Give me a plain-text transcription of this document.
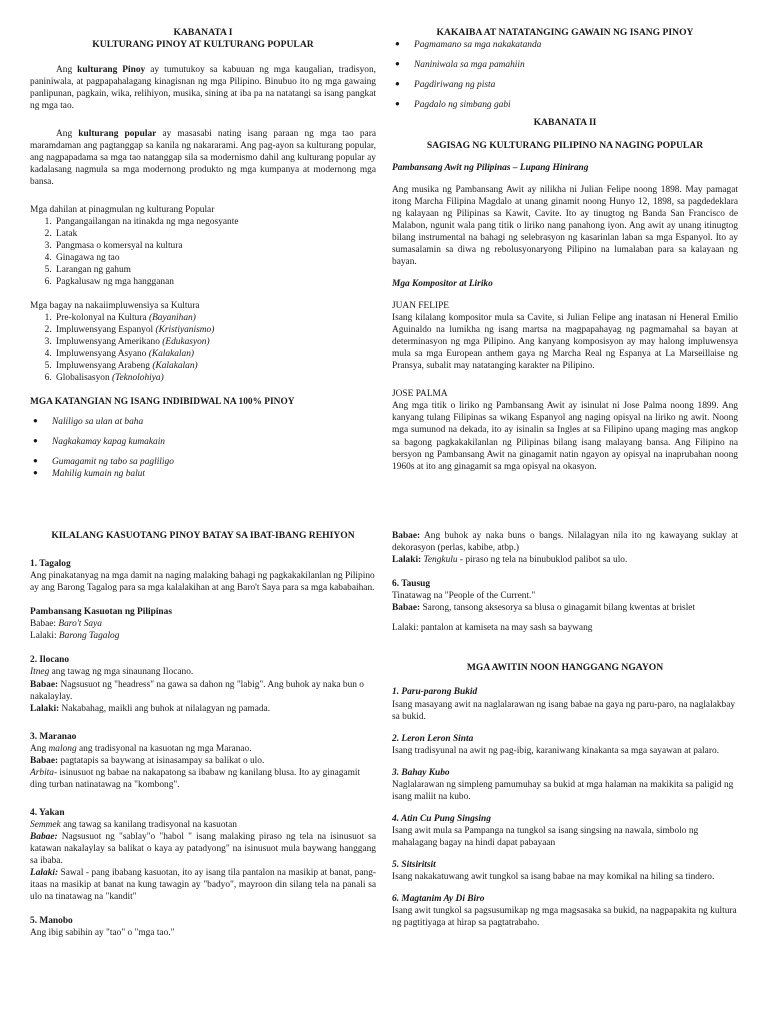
KABANATA I

KULTURANG PINOY AT KULTURANG POPULAR

Ang kulturang Pinoy ay tumutukoy sa kabuuan ng mga kaugalian, tradisyon, paniniwala, at pagpapahalagang kinagisnan ng mga Pilipino. Binubuo ito ng mga gawaing panlipunan, pagkain, wika, relihiyon, musika, sining at iba pa na natatangi sa isang pangkat ng mga tao.

Ang kulturang popular ay masasabi nating isang paraan ng mga tao para maramdaman ang pagtanggap sa kanila ng nakararami. Ang pag-ayon sa kulturang popular, ang nagpapadama sa mga tao natanggap sila sa modernismo dahil ang kulturang popular ay kadalasang nagmula sa mga modernong produkto ng mga kumpanya at modernong mga bansa.

Mga dahilan at pinagmulan ng kulturang Popular

1. Pangangailangan na itinakda ng mga negosyante
2. Latak
3. Pangmasa o komersyal na kultura
4. Ginagawa ng tao
5. Larangan ng gahum
6. Pagkalusaw ng mga hangganan

Mga bagay na nakaiimpluwensiya sa Kultura

1. Pre-kolonyal na Kultura (Bayanihan)
2. Impluwensyang Espanyol (Kristiyanismo)
3. Impluwensyang Amerikano (Edukasyon)
4. Impluwensyang Asyano (Kalakalan)
5. Impluwensyang Arabeng (Kalakalan)
6. Globalisasyon (Teknolohiya)

MGA KATANGIAN NG ISANG INDIBIDWAL NA 100% PINOY

● Naliligo sa ulan at baha
● Nagkakamay kapag kumakain
● Gumagamit ng tabo sa pagliligo
● Mahilig kumain ng balut

KAKAIBA AT NATATANGING GAWAIN NG ISANG PINOY

● Pagmamano sa mga nakakatanda
● Naniniwala sa mga pamahiin
● Pagdiriwang ng pista
● Pagdalo ng simbang gabi

KABANATA II

SAGISAG NG KULTURANG PILIPINO NA NAGING POPULAR

Pambansang Awit ng Pilipinas – Lupang Hinirang

Ang musika ng Pambansang Awit ay nilikha ni Julian Felipe noong 1898. May pamagat itong Marcha Filipina Magdalo at unang ginamit noong Hunyo 12, 1898, sa pagdedeklara ng kalayaan ng Pilipinas sa Kawit, Cavite. Ito ay tinugtog ng Banda San Francisco de Malabon, ngunit wala pang titik o liriko nang panahong iyon. Ang awit ay unang itinugtog bilang instrumental na bahagi ng selebrasyon ng kasarinlan laban sa mga Espanyol. Ito ay sumasalamin sa diwa ng rebolusyonaryong Pilipino na lumalaban para sa kalayaan ng bayan.

Mga Kompositor at Liriko

JUAN FELIPE

Isang kilalang kompositor mula sa Cavite, si Julian Felipe ang inatasan ni Heneral Emilio Aguinaldo na lumikha ng isang martsa na magpapahayag ng pagmamahal sa bayan at determinasyon ng mga Pilipino. Ang kanyang komposisyon ay may halong impluwensya mula sa mga European anthem gaya ng Marcha Real ng Espanya at La Marseillaise ng Pransya, subalit may natatanging karakter na Pilipino.

JOSE PALMA

Ang mga titik o liriko ng Pambansang Awit ay isinulat ni Jose Palma noong 1899. Ang kanyang tulang Filipinas sa wikang Espanyol ang naging opisyal na liriko ng awit. Noong mga sumunod na dekada, ito ay isinalin sa Ingles at sa Filipino upang maging mas angkop sa bagong pagkakakilanlan ng Pilipinas bilang isang malayang bansa. Ang Filipino na bersyon ng Pambansang Awit na ginagamit natin ngayon ay opisyal na inaprubahan noong 1960s at ito ang ginagamit sa mga opisyal na okasyon.

KILALANG KASUOTANG PINOY BATAY SA IBAT-IBANG REHIYON

1. Tagalog

Ang pinakatanyag na mga damit na naging malaking bahagi ng pagkakakilanlan ng Pilipino ay ang Barong Tagalog para sa mga kalalakihan at ang Baro't Saya para sa mga kababaihan.

Pambansang Kasuotan ng Pilipinas

Babae: Baro't Saya

Lalaki: Barong Tagalog

2. Ilocano

Itneg ang tawag ng mga sinaunang Ilocano.

Babae: Nagsusuot ng "headress" na gawa sa dahon ng "labig". Ang buhok ay naka bun o nakalaylay.

Lalaki: Nakabahag, maikli ang buhok at nilalagyan ng pamada.

3. Maranao

Ang malong ang tradisyonal na kasuotan ng mga Maranao.

Babae: pagtatapis sa baywang at isinasampay sa balikat o ulo.

Arbita- isinusuot ng babae na nakapatong sa ibabaw ng kanilang blusa. Ito ay ginagamit ding turban natinatawag na "kombong".

4. Yakan

Semmek ang tawag sa kanilang tradisyonal na kasuotan

Babae: Nagsusuot ng "sablay"o "habol " isang malaking piraso ng tela na isinusuot sa katawan nakalaylay sa balikat o kaya ay patadyong" na isinusuot mula baywang hanggang sa ibaba.

Lalaki: Sawal - pang ibabang kasuotan, ito ay isang tila pantalon na masikip at banat, pang- itaas na masikip at banat na kung tawagin ay "badyo", mayroon din silang tela na panali sa ulo na tinatawag na "kandit"

5. Manobo

Ang ibig sabihin ay "tao" o "mga tao."

Babae: Ang buhok ay naka buns o bangs. Nilalagyan nila ito ng kawayang suklay at dekorasyon (perlas, kabibe, atbp.)

Lalaki: Tengkulu - piraso ng tela na binubuklod palibot sa ulo.

6. Tausug

Tinatawag na "People of the Current."

Babae: Sarong, tansong aksesorya sa blusa o ginagamit bilang kwentas at brislet

Lalaki: pantalon at kamiseta na may sash sa baywang

MGA AWITIN NOON HANGGANG NGAYON

1. Paru-parong Bukid

Isang masayang awit na naglalarawan ng isang babae na gaya ng paru-paro, na naglalakbay sa bukid.

2. Leron Leron Sinta

Isang tradisyunal na awit ng pag-ibig, karaniwang kinakanta sa mga sayawan at palaro.

3. Bahay Kubo

Naglalarawan ng simpleng pamumuhay sa bukid at mga halaman na makikita sa paligid ng isang maliit na kubo.

4. Atin Cu Pung Singsing

Isang awit mula sa Pampanga na tungkol sa isang singsing na nawala, simbolo ng mahalagang bagay na hindi dapat pabayaan

5. Sitsiritsit

Isang nakakatuwang awit tungkol sa isang babae na may komikal na hiling sa tindero.

6. Magtanim Ay Di Biro

Isang awit tungkol sa pagsusumikap ng mga magsasaka sa bukid, na nagpapakita ng kultura ng pagtitiyaga at hirap sa pagtatrabaho.
